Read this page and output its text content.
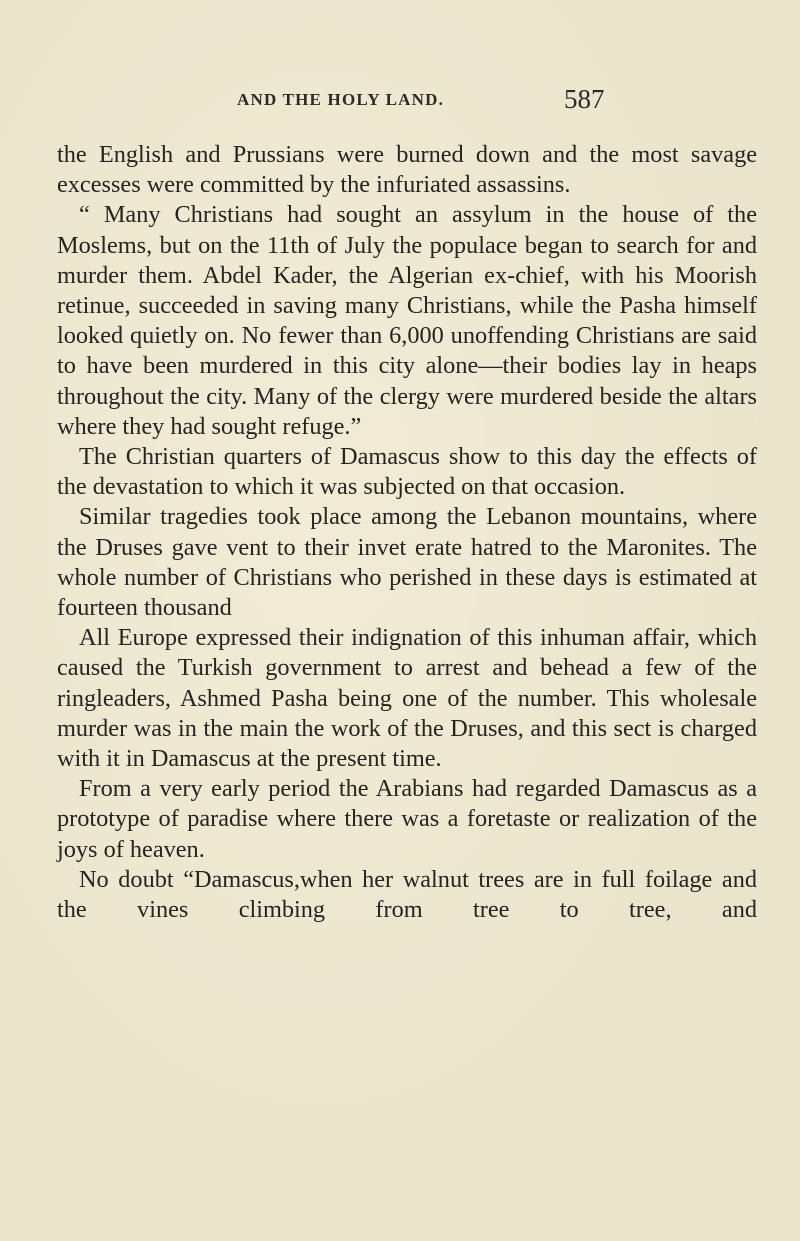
AND THE HOLY LAND.	587

the English and Prussians were burned down and the most savage excesses were committed by the infuriated assassins.

“ Many Christians had sought an assylum in the house of the Moslems, but on the 11th of July the populace began to search for and murder them. Abdel Kader, the Algerian ex-chief, with his Moorish retinue, succeeded in saving many Christians, while the Pasha himself looked quietly on. No fewer than 6,000 unoffending Christians are said to have been murdered in this city alone—their bodies lay in heaps throughout the city. Many of the clergy were murdered beside the altars where they had sought refuge.”

The Christian quarters of Damascus show to this day the effects of the devastation to which it was subjected on that occasion.

Similar tragedies took place among the Lebanon mountains, where the Druses gave vent to their invet erate hatred to the Maronites. The whole number of Christians who perished in these days is estimated at fourteen thousand

All Europe expressed their indignation of this inhuman affair, which caused the Turkish government to arrest and behead a few of the ringleaders, Ashmed Pasha being one of the number. This wholesale murder was in the main the work of the Druses, and this sect is charged with it in Damascus at the present time.

From a very early period the Arabians had regarded Damascus as a prototype of paradise where there was a foretaste or realization of the joys of heaven.

No doubt “Damascus,when her walnut trees are in full foilage and the vines climbing from tree to tree, and
